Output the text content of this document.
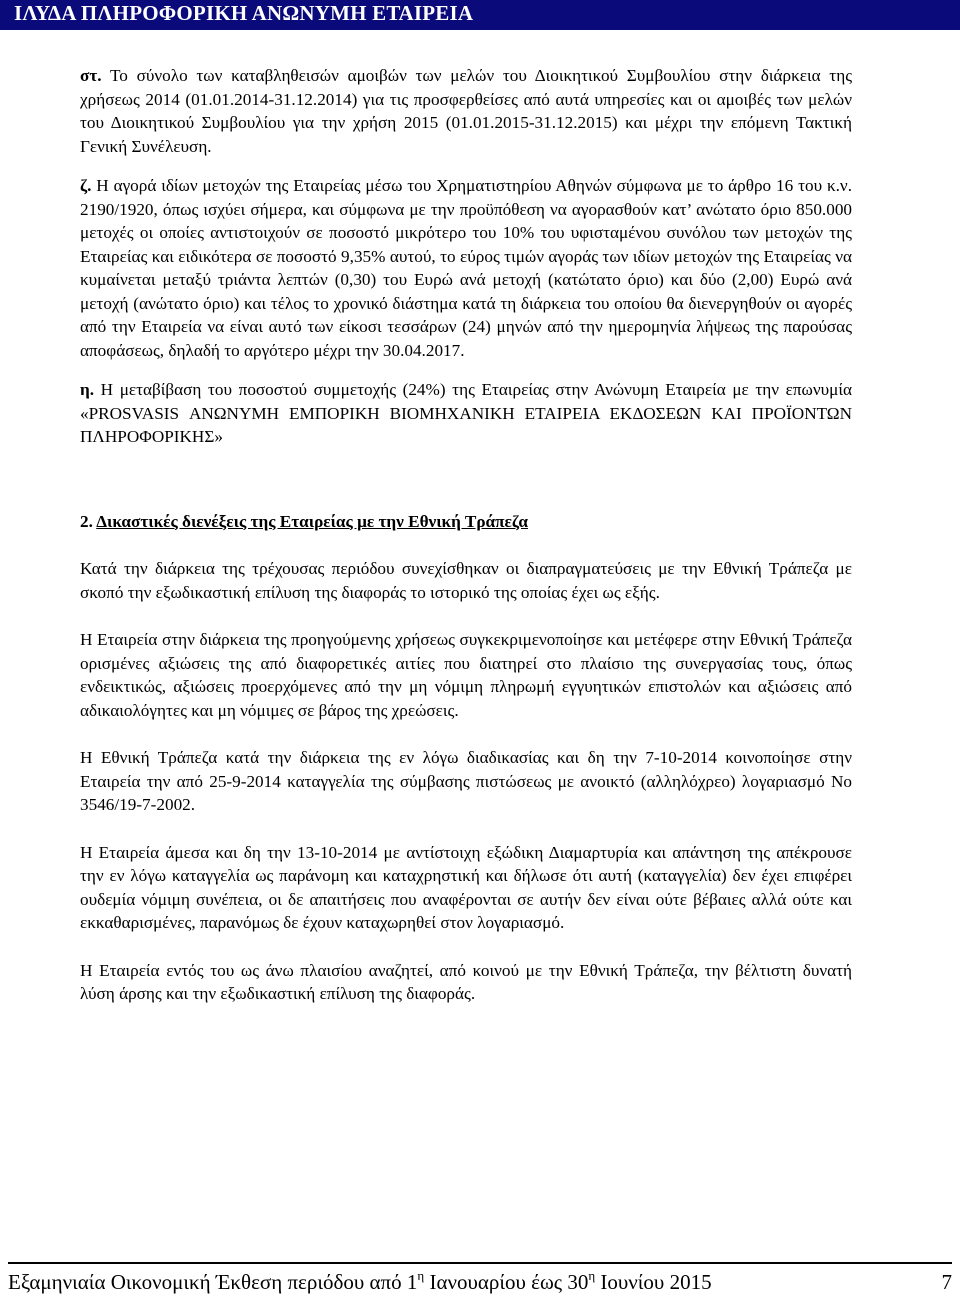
ΙΛΥΔΑ ΠΛΗΡΟΦΟΡΙΚΗ ΑΝΩΝΥΜΗ ΕΤΑΙΡΕΙΑ

στ. Το σύνολο των καταβληθεισών αμοιβών των μελών του Διοικητικού Συμβουλίου στην διάρκεια της χρήσεως 2014 (01.01.2014-31.12.2014) για τις προσφερθείσες από αυτά υπηρεσίες και οι αμοιβές των μελών του Διοικητικού Συμβουλίου για την χρήση 2015 (01.01.2015-31.12.2015) και μέχρι την επόμενη Τακτική Γενική Συνέλευση.

ζ. Η αγορά ιδίων μετοχών της Εταιρείας μέσω του Χρηματιστηρίου Αθηνών σύμφωνα με το άρθρο 16 του κ.ν. 2190/1920, όπως ισχύει σήμερα, και σύμφωνα με την προϋπόθεση να αγορασθούν κατ’ ανώτατο όριο 850.000 μετοχές οι οποίες αντιστοιχούν σε ποσοστό μικρότερο του 10% του υφισταμένου συνόλου των μετοχών της Εταιρείας και ειδικότερα σε ποσοστό 9,35% αυτού, το εύρος τιμών αγοράς των ιδίων μετοχών της Εταιρείας να κυμαίνεται μεταξύ τριάντα λεπτών (0,30) του Ευρώ ανά μετοχή (κατώτατο όριο) και δύο (2,00) Ευρώ ανά μετοχή (ανώτατο όριο) και τέλος το χρονικό διάστημα κατά τη διάρκεια του οποίου θα διενεργηθούν οι αγορές από την Εταιρεία να είναι αυτό των είκοσι τεσσάρων (24) μηνών από την ημερομηνία λήψεως της παρούσας αποφάσεως, δηλαδή το αργότερο μέχρι την 30.04.2017.

η. Η μεταβίβαση του ποσοστού συμμετοχής (24%) της Εταιρείας στην Ανώνυμη Εταιρεία με την επωνυμία «PROSVASIS ΑΝΩΝΥΜΗ ΕΜΠΟΡΙΚΗ ΒΙΟΜΗΧΑΝΙΚΗ ΕΤΑΙΡΕΙΑ ΕΚΔΟΣΕΩΝ ΚΑΙ ΠΡΟΪΟΝΤΩΝ ΠΛΗΡΟΦΟΡΙΚΗΣ»

2. Δικαστικές διενέξεις της Εταιρείας με την Εθνική Τράπεζα

Κατά την διάρκεια της τρέχουσας περιόδου συνεχίσθηκαν οι διαπραγματεύσεις με την Εθνική Τράπεζα με σκοπό την εξωδικαστική επίλυση της διαφοράς το ιστορικό της οποίας έχει ως εξής.

Η Εταιρεία στην διάρκεια της προηγούμενης χρήσεως συγκεκριμενοποίησε και μετέφερε στην Εθνική Τράπεζα ορισμένες αξιώσεις της από διαφορετικές αιτίες που διατηρεί στο πλαίσιο της συνεργασίας τους, όπως ενδεικτικώς, αξιώσεις προερχόμενες από την μη νόμιμη πληρωμή εγγυητικών επιστολών και αξιώσεις από αδικαιολόγητες και μη νόμιμες σε βάρος της χρεώσεις.

Η Εθνική Τράπεζα κατά την διάρκεια της εν λόγω διαδικασίας και δη την 7-10-2014 κοινοποίησε στην Εταιρεία την από 25-9-2014 καταγγελία της σύμβασης πιστώσεως με ανοικτό (αλληλόχρεο) λογαριασμό Νο 3546/19-7-2002.

Η Εταιρεία άμεσα και δη την 13-10-2014 με αντίστοιχη εξώδικη Διαμαρτυρία και απάντηση της απέκρουσε την εν λόγω καταγγελία ως παράνομη και καταχρηστική και δήλωσε ότι αυτή (καταγγελία) δεν έχει επιφέρει ουδεμία νόμιμη συνέπεια, οι δε απαιτήσεις που αναφέρονται σε αυτήν δεν είναι ούτε βέβαιες αλλά ούτε και εκκαθαρισμένες, παρανόμως δε έχουν καταχωρηθεί στον λογαριασμό.

Η Εταιρεία εντός του ως άνω πλαισίου αναζητεί, από κοινού με την Εθνική Τράπεζα, την βέλτιστη δυνατή λύση άρσης και την εξωδικαστική επίλυση της διαφοράς.

Εξαμηνιαία Οικονομική Έκθεση περιόδου από $1^\eta$ Ιανουαρίου έως $30^\eta$ Ιουνίου 2015	7
